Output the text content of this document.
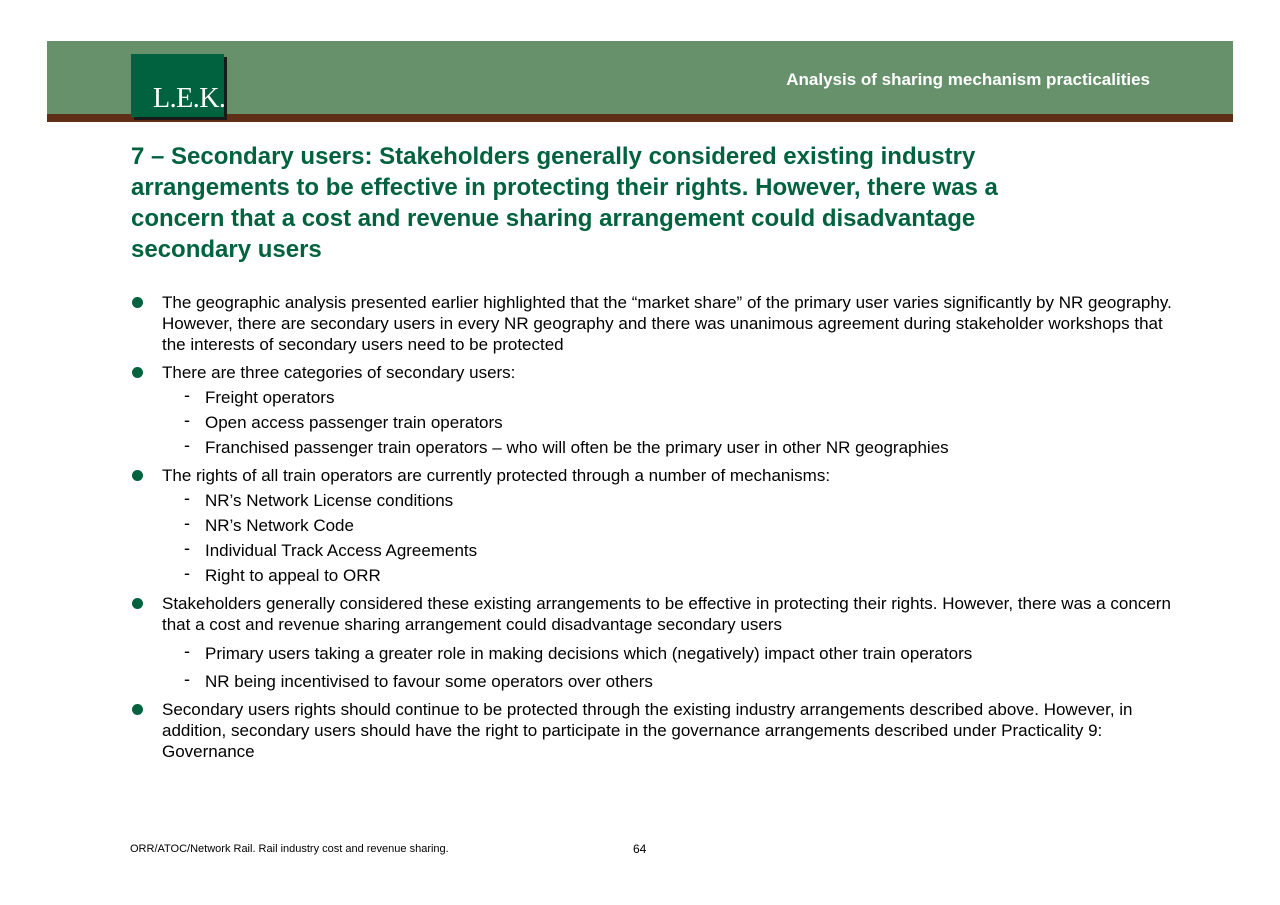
L.E.K.
Analysis of sharing mechanism practicalities
7 – Secondary users: Stakeholders generally considered existing industry arrangements to be effective in protecting their rights. However, there was a concern that a cost and revenue sharing arrangement could disadvantage secondary users
The geographic analysis presented earlier highlighted that the “market share” of the primary user varies significantly by NR geography. However, there are secondary users in every NR geography and there was unanimous agreement during stakeholder workshops that the interests of secondary users need to be protected
There are three categories of secondary users:
- Freight operators
- Open access passenger train operators
- Franchised passenger train operators – who will often be the primary user in other NR geographies
The rights of all train operators are currently protected through a number of mechanisms:
- NR’s Network License conditions
- NR’s Network Code
- Individual Track Access Agreements
- Right to appeal to ORR
Stakeholders generally considered these existing arrangements to be effective in protecting their rights. However, there was a concern that a cost and revenue sharing arrangement could disadvantage secondary users
- Primary users taking a greater role in making decisions which (negatively) impact other train operators
- NR being incentivised to favour some operators over others
Secondary users rights should continue to be protected through the existing industry arrangements described above. However, in addition, secondary users should have the right to participate in the governance arrangements described under Practicality 9: Governance
ORR/ATOC/Network Rail. Rail industry cost and revenue sharing.	64
